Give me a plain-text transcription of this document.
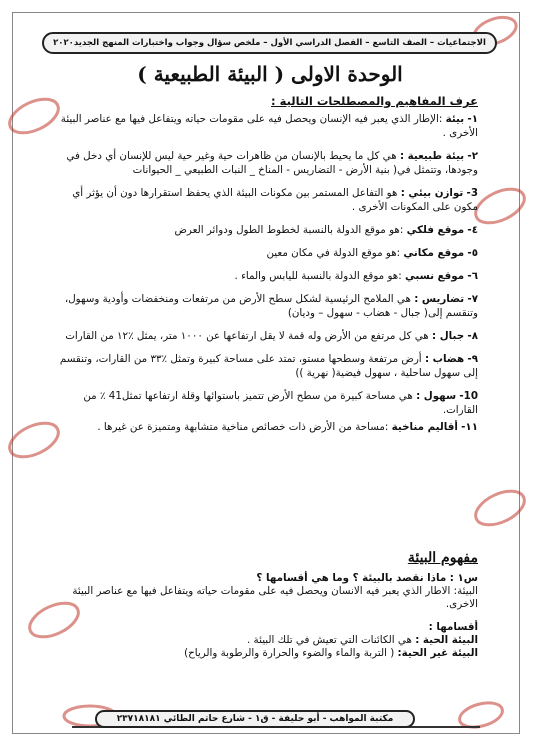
الاجتماعيات – الصف التاسع – الفصل الدراسي الأول – ملخص سؤال وجواب واختبارات المنهج الجديد٢٠٢٠
الوحدة الاولى ( البيئة الطبيعية )
عرف المفاهيم والمصطلحات التالية :
١- بيئة :الإطار الذي يعبر فيه الإنسان ويحصل فيه على مقومات حياته ويتفاعل فيها مع عناصر البيئة الأخرى .
٢- بيئة طبيعية : هي كل ما يحيط بالإنسان من ظاهرات حية وغير حية ليس للإنسان أي دخل في وجودها، وتتمثل في( بنية الأرض - التضاريس - المناخ _ النبات الطبيعي _ الحيوانات
3- توازن بيئي : هو التفاعل المستمر بين مكونات البيئة الذي يحفظ استقرارها دون أن يؤثر أي مكون على المكونات الأخرى .
٤- موقع فلكي :هو موقع الدولة بالنسبة لخطوط الطول ودوائر العرض
٥- موقع مكاني :هو موقع الدولة في مكان معين
٦- موقع نسبي :هو موقع الدولة بالنسبة لليابس والماء .
٧- تضاريس : هي الملامح الرئيسية لشكل سطح الأرض من مرتفعات ومنخفضات وأودية وسهول، وتنقسم إلى( جبال - هضاب - سهول – وديان)
٨- جبال : هي كل مرتفع من الأرض وله قمة لا يقل ارتفاعها عن ١٠٠٠ متر، يمثل ٪١٢ من القارات
٩- هضاب : أرض مرتفعة وسطحها مستو، تمتد على مساحة كبيرة وتمثل ٪٣٣ من القارات، وتنقسم إلى سهول ساحلية ، سهول فيضية( نهرية ))
10- سهول : هي مساحة كبيرة من سطح الأرض تتميز باستوائها وقلة ارتفاعها تمثل41 ٪ من القارات.
١١- أقاليم مناخية :مساحة من الأرض ذات خصائص مناخية متشابهة ومتميزة عن غيرها .
مفهوم البيئة
س١ : ماذا نقصد بالبيئة ؟ وما هي أقسامها ؟
البيئة: الاطار الذي يعبر فيه الانسان ويحصل فيه على مقومات حياته ويتفاعل فيها مع عناصر البيئة الاخرى.
أقسامها :
البيئة الحية : هي الكائنات التي تعيش في تلك البيئة .
البيئة غير الحية: ( التربة والماء والضوء والحرارة والرطوبة والرياح)
مكتبة المواهب - أبو حليفة - ق١ - شارع حاتم الطائي ٢٣٧١٨١٨١
